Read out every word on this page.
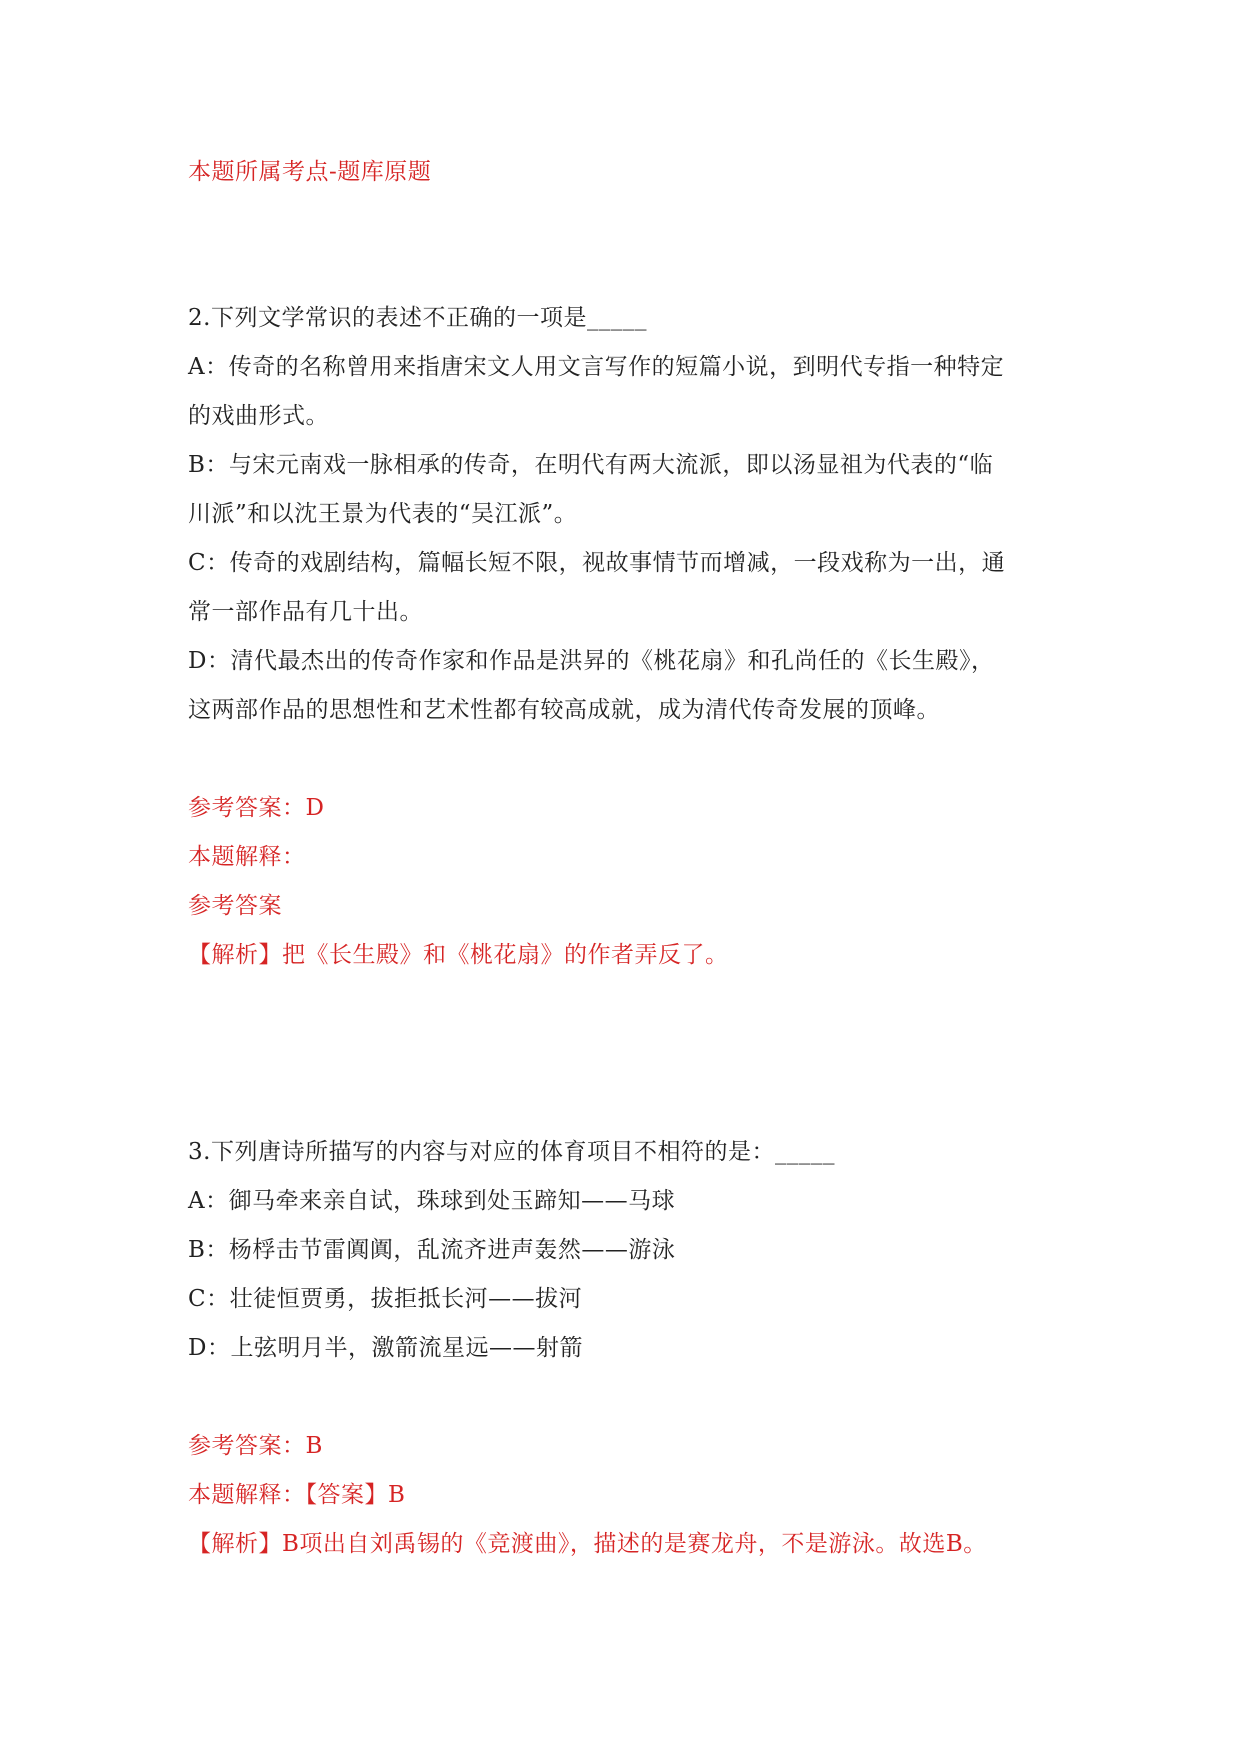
本题所属考点-题库原题
2.下列文学常识的表述不正确的一项是_____
A：传奇的名称曾用来指唐宋文人用文言写作的短篇小说，到明代专指一种特定
的戏曲形式。
B：与宋元南戏一脉相承的传奇，在明代有两大流派，即以汤显祖为代表的“临
川派”和以沈王景为代表的“吴江派”。
C：传奇的戏剧结构，篇幅长短不限，视故事情节而增减，一段戏称为一出，通
常一部作品有几十出。
D：清代最杰出的传奇作家和作品是洪昇的《桃花扇》和孔尚任的《长生殿》，
这两部作品的思想性和艺术性都有较高成就，成为清代传奇发展的顶峰。
参考答案：D
本题解释：
参考答案
【解析】把《长生殿》和《桃花扇》的作者弄反了。
3.下列唐诗所描写的内容与对应的体育项目不相符的是：_____
A：御马牵来亲自试，珠球到处玉蹄知——马球
B：杨桴击节雷阗阗，乱流齐进声轰然——游泳
C：壮徒恒贾勇，拔拒抵长河——拔河
D：上弦明月半，激箭流星远——射箭
参考答案：B
本题解释：【答案】B
【解析】B项出自刘禹锡的《竞渡曲》，描述的是赛龙舟，不是游泳。故选B。
